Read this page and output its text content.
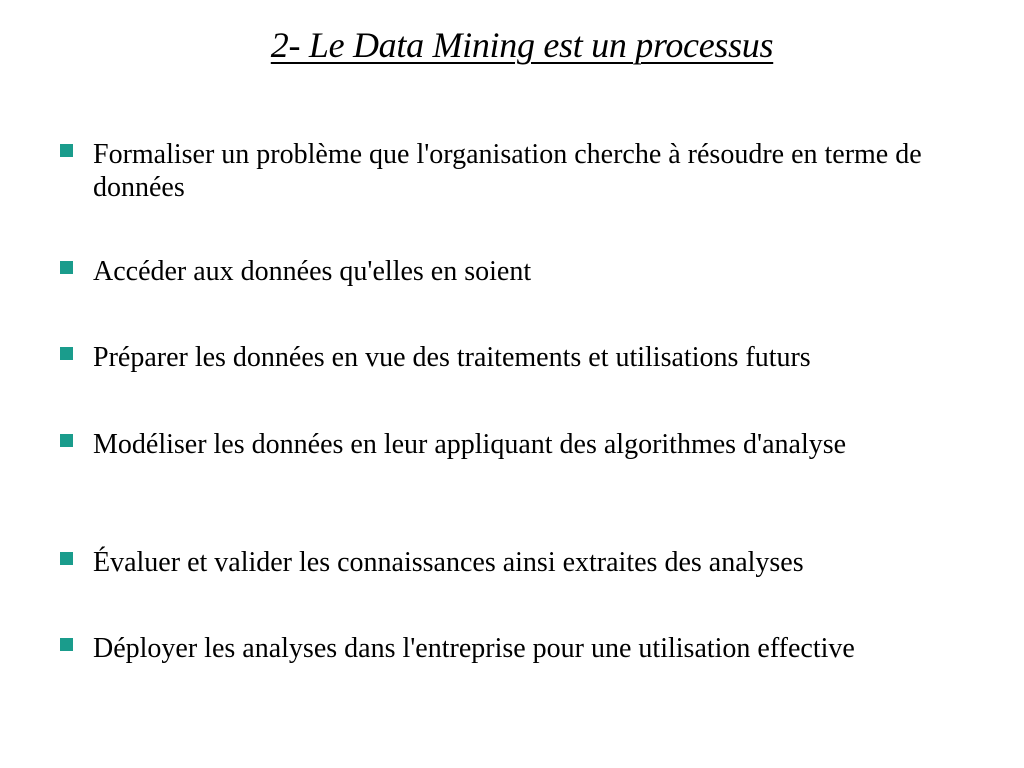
2- Le Data Mining est un processus
Formaliser un problème que l'organisation cherche à résoudre en terme de données
Accéder aux données qu'elles en soient
Préparer les données en vue des traitements et utilisations futurs
Modéliser les données en leur appliquant des algorithmes d'analyse
Évaluer et valider les connaissances ainsi extraites des analyses
Déployer les analyses dans l'entreprise pour une utilisation effective
